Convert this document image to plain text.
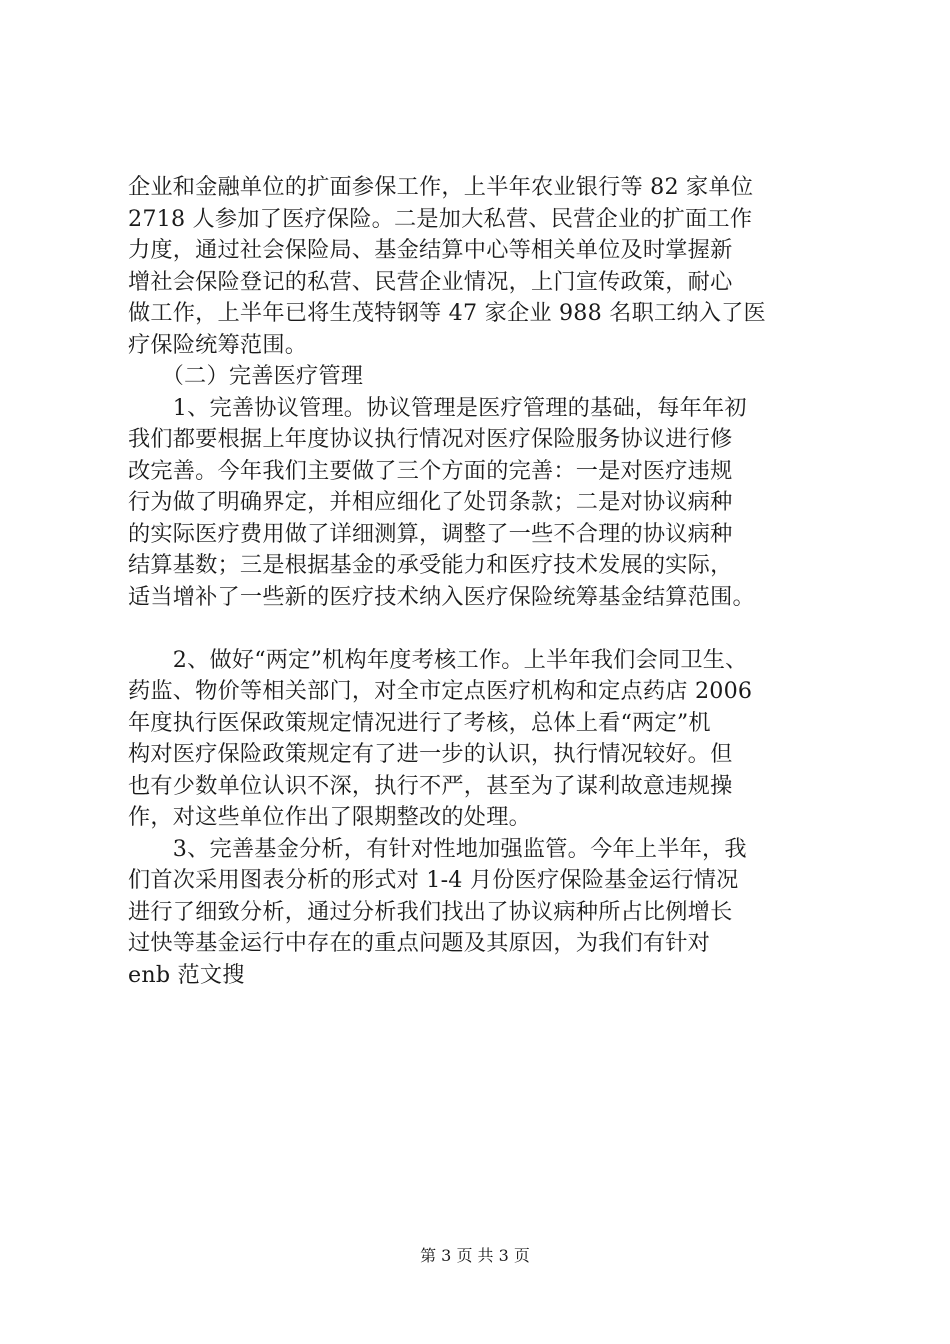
企业和金融单位的扩面参保工作，上半年农业银行等 82 家单位
2718 人参加了医疗保险。二是加大私营、民营企业的扩面工作
力度，通过社会保险局、基金结算中心等相关单位及时掌握新
增社会保险登记的私营、民营企业情况，上门宣传政策，耐心
做工作，上半年已将生茂特钢等 47 家企业 988 名职工纳入了医
疗保险统筹范围。
　　（二）完善医疗管理
　　1、完善协议管理。协议管理是医疗管理的基础，每年年初
我们都要根据上年度协议执行情况对医疗保险服务协议进行修
改完善。今年我们主要做了三个方面的完善：一是对医疗违规
行为做了明确界定，并相应细化了处罚条款；二是对协议病种
的实际医疗费用做了详细测算，调整了一些不合理的协议病种
结算基数；三是根据基金的承受能力和医疗技术发展的实际，
适当增补了一些新的医疗技术纳入医疗保险统筹基金结算范围。
　　2、做好“两定”机构年度考核工作。上半年我们会同卫生、
药监、物价等相关部门，对全市定点医疗机构和定点药店 2006
年度执行医保政策规定情况进行了考核，总体上看“两定”机
构对医疗保险政策规定有了进一步的认识，执行情况较好。但
也有少数单位认识不深，执行不严，甚至为了谋利故意违规操
作，对这些单位作出了限期整改的处理。
　　3、完善基金分析，有针对性地加强监管。今年上半年，我
们首次采用图表分析的形式对 1-4 月份医疗保险基金运行情况
进行了细致分析，通过分析我们找出了协议病种所占比例增长
过快等基金运行中存在的重点问题及其原因，为我们有针对
enb 范文搜
第 3 页 共 3 页
